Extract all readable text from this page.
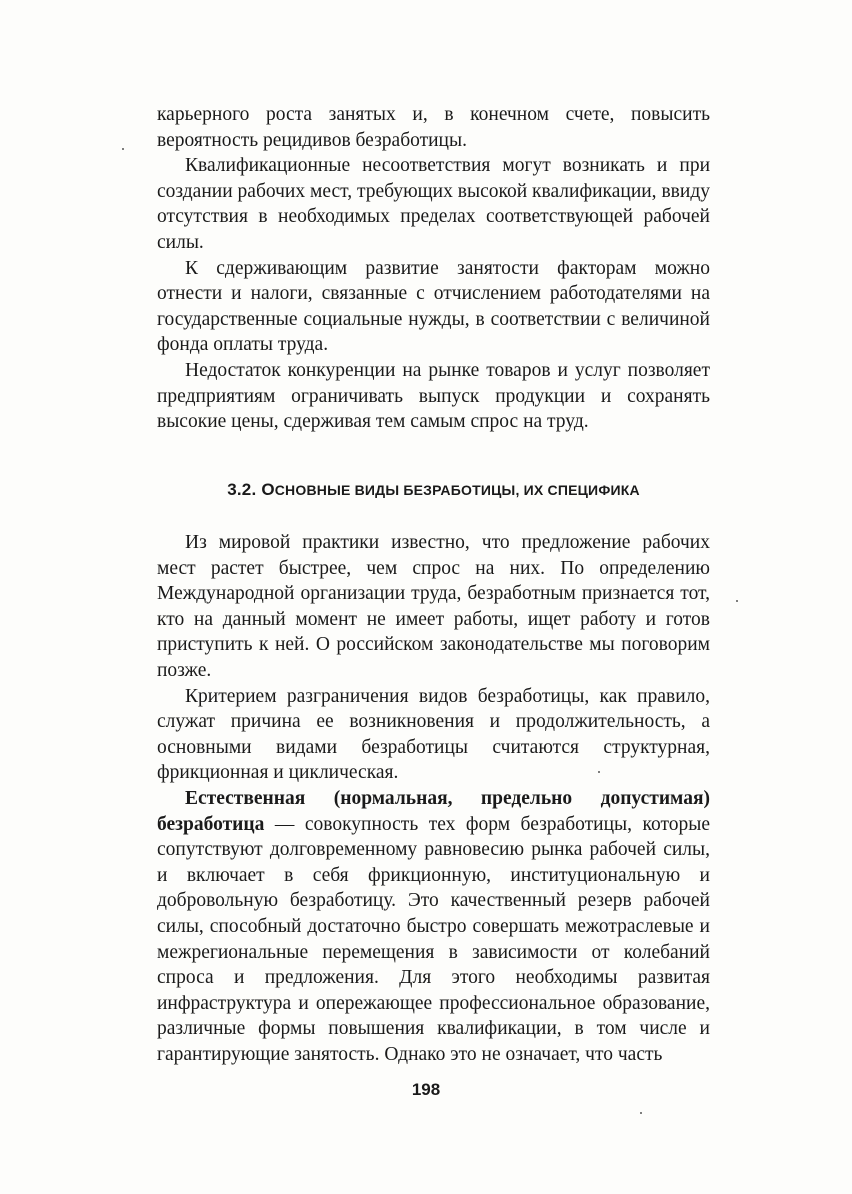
карьерного роста занятых и, в конечном счете, повысить вероятность рецидивов безработицы.

Квалификационные несоответствия могут возникать и при создании рабочих мест, требующих высокой квалификации, ввиду отсутствия в необходимых пределах соответствующей рабочей силы.

К сдерживающим развитие занятости факторам можно отнести и налоги, связанные с отчислением работодателями на государственные социальные нужды, в соответствии с величиной фонда оплаты труда.

Недостаток конкуренции на рынке товаров и услуг позволяет предприятиям ограничивать выпуск продукции и сохранять высокие цены, сдерживая тем самым спрос на труд.

3.2. ОСНОВНЫЕ ВИДЫ БЕЗРАБОТИЦЫ, ИХ СПЕЦИФИКА

Из мировой практики известно, что предложение рабочих мест растет быстрее, чем спрос на них. По определению Международной организации труда, безработным признается тот, кто на данный момент не имеет работы, ищет работу и готов приступить к ней. О российском законодательстве мы поговорим позже.

Критерием разграничения видов безработицы, как правило, служат причина ее возникновения и продолжительность, а основными видами безработицы считаются структурная, фрикционная и циклическая.

Естественная (нормальная, предельно допустимая) безработица — совокупность тех форм безработицы, которые сопутствуют долговременному равновесию рынка рабочей силы, и включает в себя фрикционную, институциональную и добровольную безработицу. Это качественный резерв рабочей силы, способный достаточно быстро совершать межотраслевые и межрегиональные перемещения в зависимости от колебаний спроса и предложения. Для этого необходимы развитая инфраструктура и опережающее профессиональное образование, различные формы повышения квалификации, в том числе и гарантирующие занятость. Однако это не означает, что часть

198
